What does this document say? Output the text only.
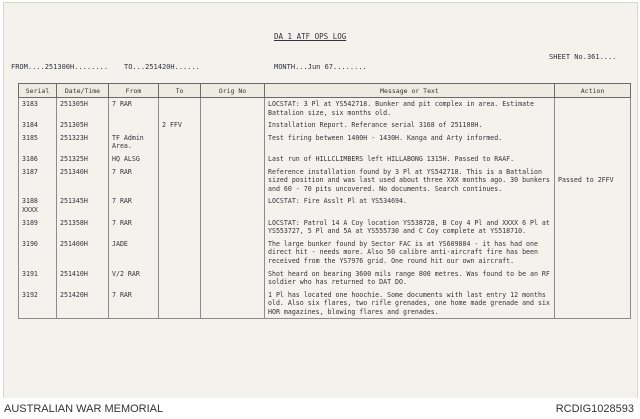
DA 1 ATF OPS LOG
FROM....251300H........ TO...251420H......	MONTH...Jun 67........
SHEET No.361....
Serial	Date/Time	From	To	Orig No	Message or Text	Action
3183	251305H	7 RAR			LOCSTAT: 3 Pl at YS542718. Bunker and pit complex in area. Estimate Battalion size, six months old.	
3184	251305H		2 FFV		Installation Report. Referance serial 3168 of 251100H.	
3185	251323H	TF Admin Area.			Test firing between 1400H - 1430H. Kanga and Arty informed.	
3186	251325H	HQ ALSG			Last run of HILLCLIMBERS left HILLABONG 1315H. Passed to RAAF.	
3187	251340H	7 RAR			Reference installation found by 3 Pl at YS542718. This is a Battalion sized position and was last used about three XXX months ago. 30 bunkers and 60 - 70 pits uncovered. No documents. Search continues.	Passed to 2FFV
3188 XXXX	251345H	7 RAR			LOCSTAT: Fire Asslt Pl at YS534694.	
3189	251358H	7 RAR			LOCSTAT: Patrol 14 A Coy location YS538728, B Coy 4 Pl and XXXX 6 Pl at YS553727, 5 Pl and 5A at YS555730 and C Coy complete at YS518710.	
3190	251400H	JADE			The large bunker found by Sector FAC is at YS609884 - it has had one direct hit - needs more. Also 50 calibre anti-aircraft fire has been received from the YS7976 grid. One round hit our own aircraft.	
3191	251410H	V/2 RAR			Shot heard on bearing 3600 mils range 800 metres. Was found to be an RF soldier who has returned to DAT DO.	
3192	251420H	7 RAR			1 Pl has located one hoochie. Some documents with last entry 12 months old. Also six flares, two rifle grenades, one home made grenade and six HOR magazines, blowing flares and grenades.	
AUSTRALIAN WAR MEMORIAL	RCDIG1028593
